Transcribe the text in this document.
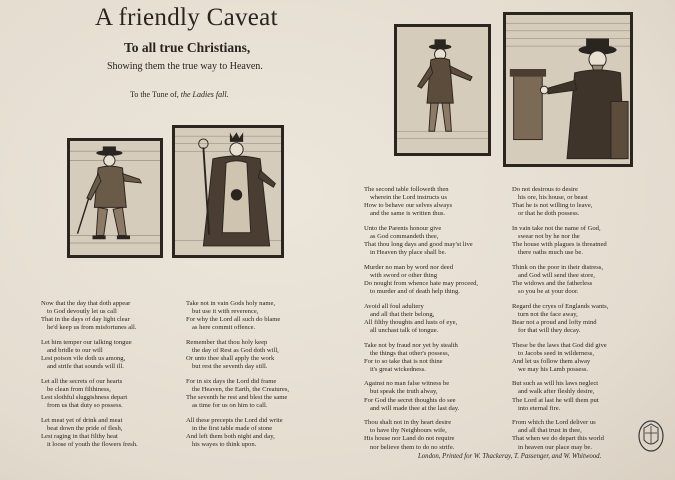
A friendly Caveat
To all true Christians,
Showing them the true way to Heaven.
To the Tune of, the Ladies fall.
Now that the day that doth appear
to God devoutly let us call
That in the days of day light clear
he'd keep us from misfortunes all.
Let him temper our talking tongue
and bridle to our will
Lest poison vile doth us among,
and strife that sounds will ill.
Let all the secrets of our hearts
be clean from filthiness,
Lest slothful sluggishness depart
from us that duty so possess.
Let meat yet of drink and meat
beat down the pride of flesh,
Lest raging in that filthy heat
it loose of youth the flowers fresh.
Take not in vain Gods holy name,
but use it with reverence,
For why the Lord all such do blame
as here commit offence.
Remember that thou holy keep
the day of Rest as God doth will,
Or unto thee shall apply the work
but rest the seventh day still.
For in six days the Lord did frame
the Heaven, the Earth, the Creatures,
The seventh he rest and blest the same
as time for us on him to call.
All these precepts the Lord did write
in the first table made of stone
And left them both night and day,
his wayes to think upon.
The second table followeth then
wherein the Lord instructs us
How to behave our selves always
and the same is written thus.
Unto the Parents honour give
as God commandeth thee,
That thou long days and good may'st live
in Heaven thy place shall be.
Murder no man by word nor deed
with sword or other thing
Do nought from whence hate may proceed,
to murder and of death help thing.
Avoid all foul adultery
and all that their belong,
All filthy thoughts and lusts of eye,
all unchast talk of tongue.
Take not by fraud nor yet by stealth
the things that other's possess,
For to so take that is not thine
it's great wickedness.
Against no man false witness be
but speak the truth alway,
For God the secret thoughts do see
and will made thee at the last day.
Thou shalt not in thy heart desire
to have thy Neighbours wife,
His house nor Land do not require
nor believe them to do no strife.
Do not desirous to desire
his ore, his house, or beast
That he is not willing to leave,
or that he doth possess.
In vain take not the name of God,
swear not by he nor the
The house with plagues is threatned
there oaths much use be.
Think on the poor in their distress,
and God will send thee store,
The widows and the fatherless
so you be at your door.
Regard the cryes of Englands wants,
turn not the face away,
Bear not a proud and lofty mind
for that will they decay.
These be the laws that God did give
to Jacobs seed in wilderness,
And let us follow them alway
we may his Lamb possess.
But such as will his laws neglect
and walk after fleshly desire,
The Lord at last he will them put
into eternal fire.
From which the Lord deliver us
and all that trust in thee,
That when we do depart this world
in heaven our place may be.
London, Printed for W. Thackeray, T. Passenger, and W. Whitwood.
